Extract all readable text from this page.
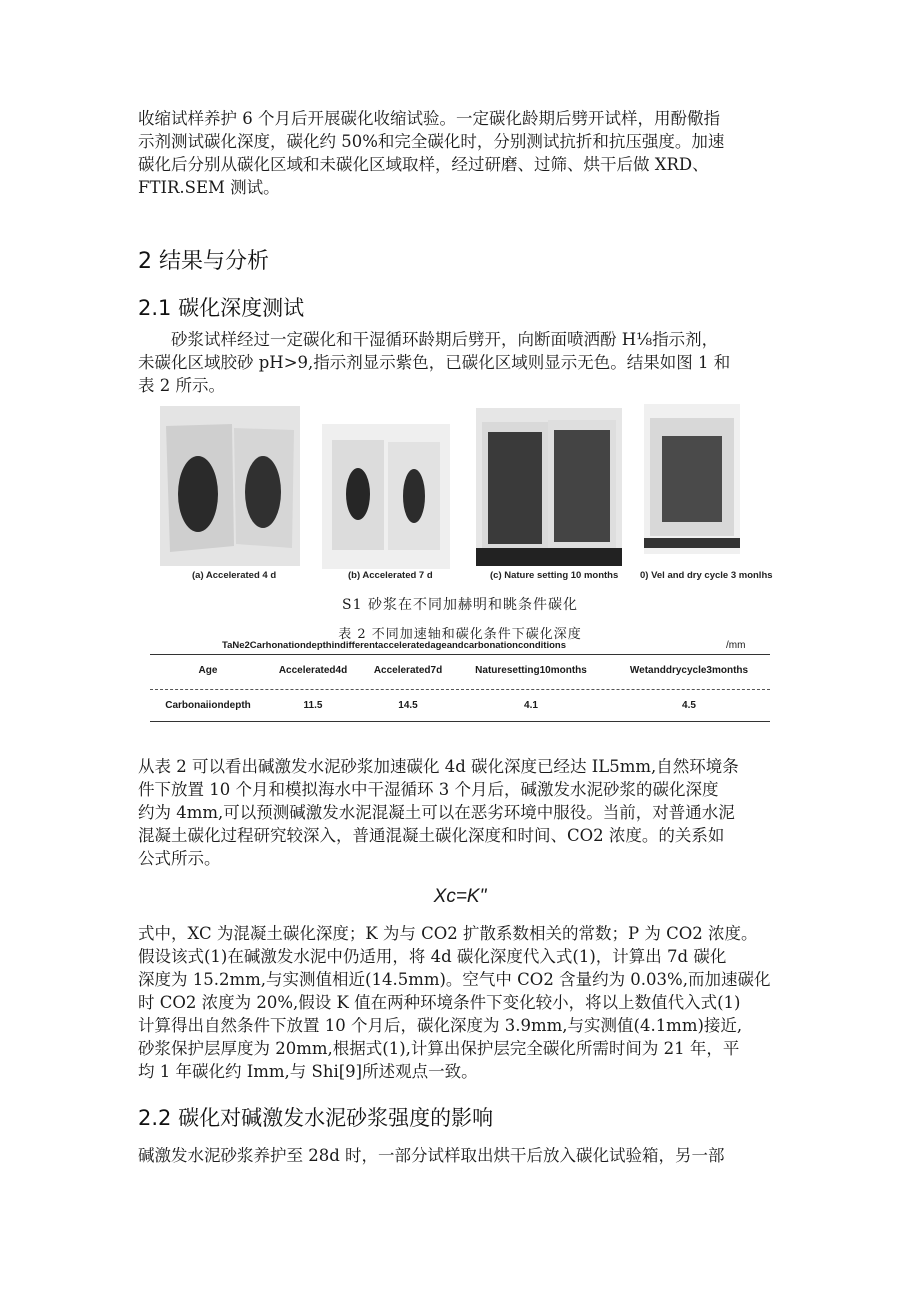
收缩试样养护 6 个月后开展碳化收缩试验。一定碳化龄期后劈开试样，用酚儆指
示剂测试碳化深度，碳化约 50%和完全碳化时，分别测试抗折和抗压强度。加速
碳化后分别从碳化区域和未碳化区域取样，经过研磨、过筛、烘干后做 XRD、
FTIR.SEM 测试。

2 结果与分析
2.1 碳化深度测试

砂浆试样经过一定碳化和干湿循环龄期后劈开，向断面喷洒酚 H⅛指示剂，
未碳化区域胶砂 pH>9,指示剂显示紫色，已碳化区域则显示无色。结果如图 1 和
表 2 所示。

(a) Accelerated 4 d	(b) Accelerated 7 d	(c) Nature setting 10 months 0) Vel and dry cycle 3 monlhs
S1 砂浆在不同加赫明和眺条件碳化
表 2 不同加速轴和碳化条件下碳化深度
TaNe2Carhonationdepthindifferentacceleratedageandcarbonationconditions	/mm
Age	Accelerated4d	Accelerated7d	Naturesetting10months	Wetanddrycycle3months
Carbonaiiondepth	11.5	14.5	4.1	4.5

从表 2 可以看出碱激发水泥砂浆加速碳化 4d 碳化深度已经达 IL5mm,自然环境条
件下放置 10 个月和模拟海水中干湿循环 3 个月后，碱激发水泥砂浆的碳化深度
约为 4mm,可以预测碱激发水泥混凝土可以在恶劣环境中服役。当前，对普通水泥
混凝土碳化过程研究较深入，普通混凝土碳化深度和时间、CO2 浓度。的关系如
公式所示。

Xc=K"

式中，XC 为混凝土碳化深度；K 为与 CO2 扩散系数相关的常数；P 为 CO2 浓度。
假设该式(1)在碱激发水泥中仍适用，将 4d 碳化深度代入式(1)，计算出 7d 碳化
深度为 15.2mm,与实测值相近(14.5mm)。空气中 CO2 含量约为 0.03%,而加速碳化
时 CO2 浓度为 20%,假设 K 值在两种环境条件下变化较小，将以上数值代入式(1)
计算得出自然条件下放置 10 个月后，碳化深度为 3.9mm,与实测值(4.1mm)接近,
砂浆保护层厚度为 20mm,根据式(1),计算出保护层完全碳化所需时间为 21 年，平
均 1 年碳化约 Imm,与 Shi[9]所述观点一致。

2.2 碳化对碱激发水泥砂浆强度的影响

碱激发水泥砂浆养护至 28d 时，一部分试样取出烘干后放入碳化试验箱，另一部
